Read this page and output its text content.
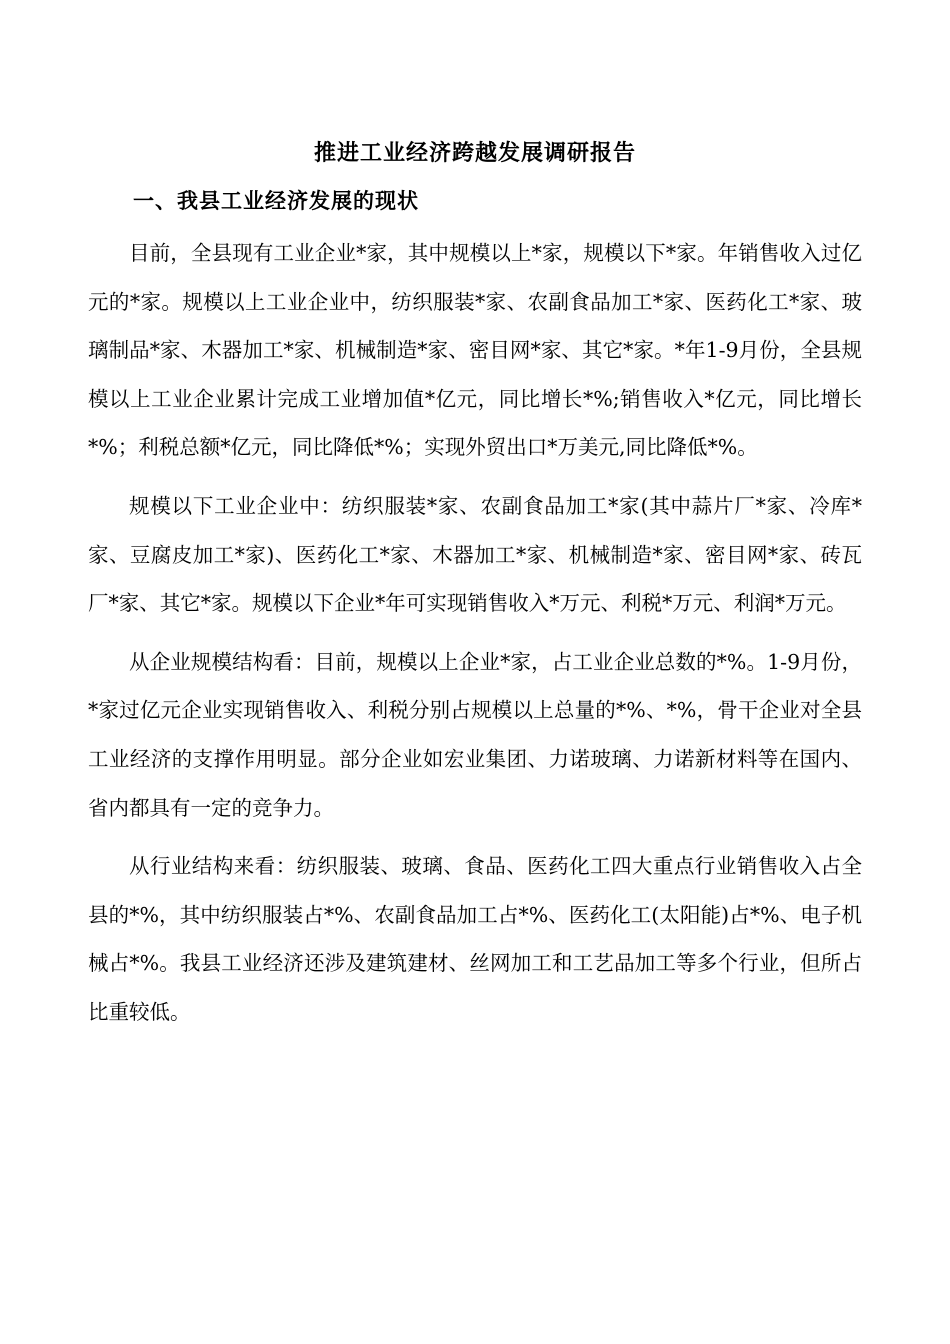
推进工业经济跨越发展调研报告
一、我县工业经济发展的现状

目前，全县现有工业企业*家，其中规模以上*家，规模以下*家。年销售收入过亿元的*家。规模以上工业企业中，纺织服装*家、农副食品加工*家、医药化工*家、玻璃制品*家、木器加工*家、机械制造*家、密目网*家、其它*家。*年1-9月份，全县规模以上工业企业累计完成工业增加值*亿元，同比增长*%;销售收入*亿元，同比增长*%；利税总额*亿元，同比降低*%；实现外贸出口*万美元,同比降低*%。

规模以下工业企业中：纺织服装*家、农副食品加工*家(其中蒜片厂*家、冷库*家、豆腐皮加工*家)、医药化工*家、木器加工*家、机械制造*家、密目网*家、砖瓦厂*家、其它*家。规模以下企业*年可实现销售收入*万元、利税*万元、利润*万元。

从企业规模结构看：目前，规模以上企业*家，占工业企业总数的*%。1-9月份，*家过亿元企业实现销售收入、利税分别占规模以上总量的*%、*%，骨干企业对全县工业经济的支撑作用明显。部分企业如宏业集团、力诺玻璃、力诺新材料等在国内、省内都具有一定的竞争力。

从行业结构来看：纺织服装、玻璃、食品、医药化工四大重点行业销售收入占全县的*%，其中纺织服装占*%、农副食品加工占*%、医药化工(太阳能)占*%、电子机械占*%。我县工业经济还涉及建筑建材、丝网加工和工艺品加工等多个行业，但所占比重较低。
